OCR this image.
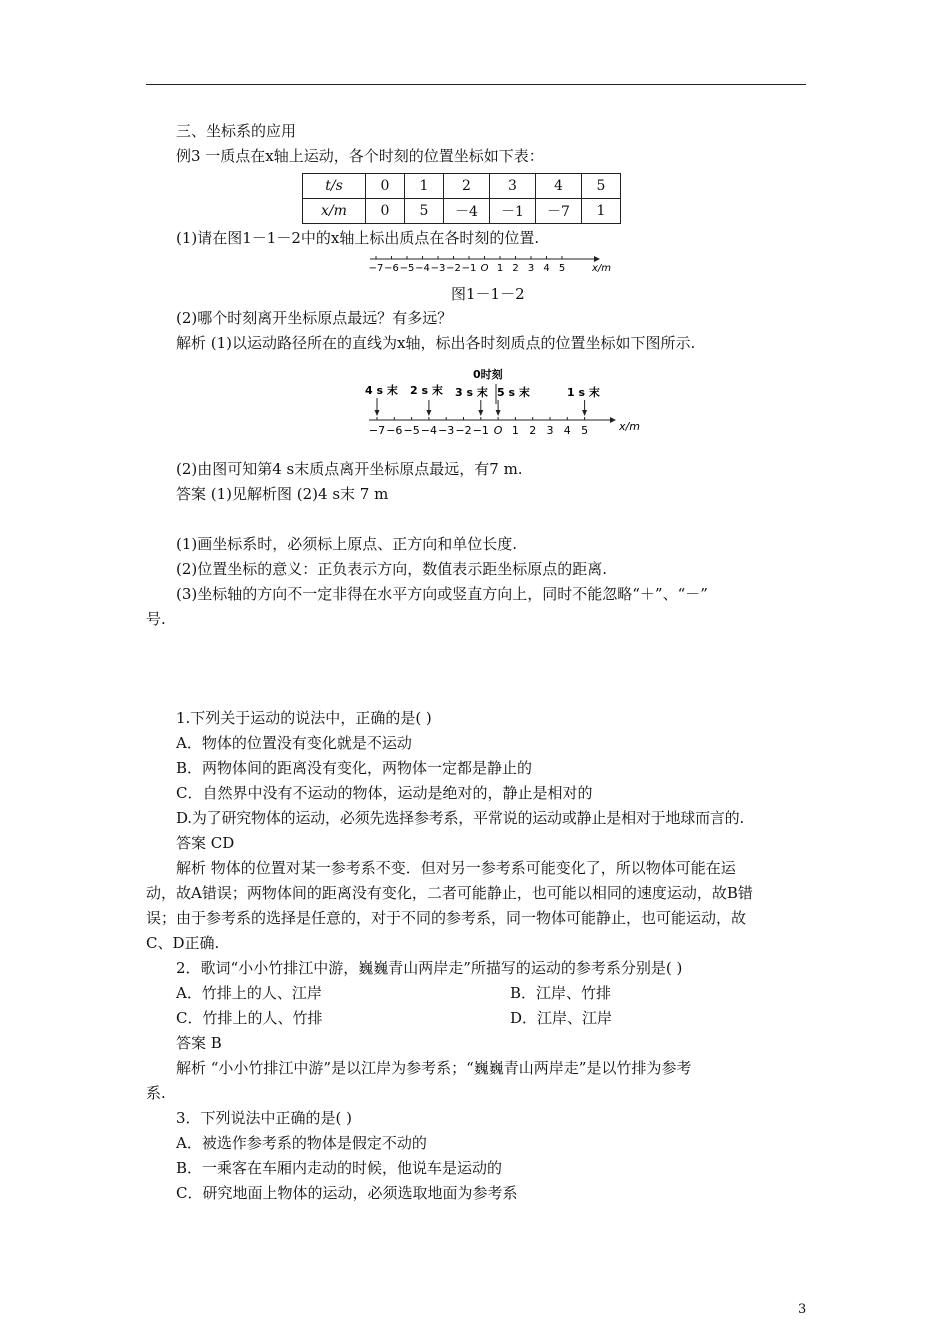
三、坐标系的应用
例3 一质点在x轴上运动，各个时刻的位置坐标如下表：
t/s	0	1	2	3	4	5
x/m	0	5	－4	－1	－7	1
(1)请在图1－1－2中的x轴上标出质点在各时刻的位置.
−7 −6 −5 −4 −3 −2 −1 O 1 2 3 4 5	x/m
图1－1－2
(2)哪个时刻离开坐标原点最远？有多远？
解析 (1)以运动路径所在的直线为x轴，标出各时刻质点的位置坐标如下图所示.
0时刻
4 s 末 2 s 末 3 s 末 5 s 末	1 s 末
−7 −6 −5 −4 −3 −2 −1 O 1 2 3 4 5	x/m
(2)由图可知第4 s末质点离开坐标原点最远，有7 m.
答案 (1)见解析图 (2)4 s末 7 m
(1)画坐标系时，必须标上原点、正方向和单位长度.
(2)位置坐标的意义：正负表示方向，数值表示距坐标原点的距离.
(3)坐标轴的方向不一定非得在水平方向或竖直方向上，同时不能忽略“＋”、“－”
号.
1.下列关于运动的说法中，正确的是( )
A．物体的位置没有变化就是不运动
B．两物体间的距离没有变化，两物体一定都是静止的
C．自然界中没有不运动的物体，运动是绝对的，静止是相对的
D.为了研究物体的运动，必须先选择参考系，平常说的运动或静止是相对于地球而言的.
答案 CD
解析 物体的位置对某一参考系不变．但对另一参考系可能变化了，所以物体可能在运
动，故A错误；两物体间的距离没有变化，二者可能静止，也可能以相同的速度运动，故B错
误；由于参考系的选择是任意的，对于不同的参考系，同一物体可能静止，也可能运动，故
C、D正确.
2．歌词“小小竹排江中游，巍巍青山两岸走”所描写的运动的参考系分别是( )
A．竹排上的人、江岸	B．江岸、竹排
C．竹排上的人、竹排	D．江岸、江岸
答案 B
解析 “小小竹排江中游”是以江岸为参考系；“巍巍青山两岸走”是以竹排为参考
系.
3．下列说法中正确的是( )
A．被选作参考系的物体是假定不动的
B．一乘客在车厢内走动的时候，他说车是运动的
C．研究地面上物体的运动，必须选取地面为参考系
3
